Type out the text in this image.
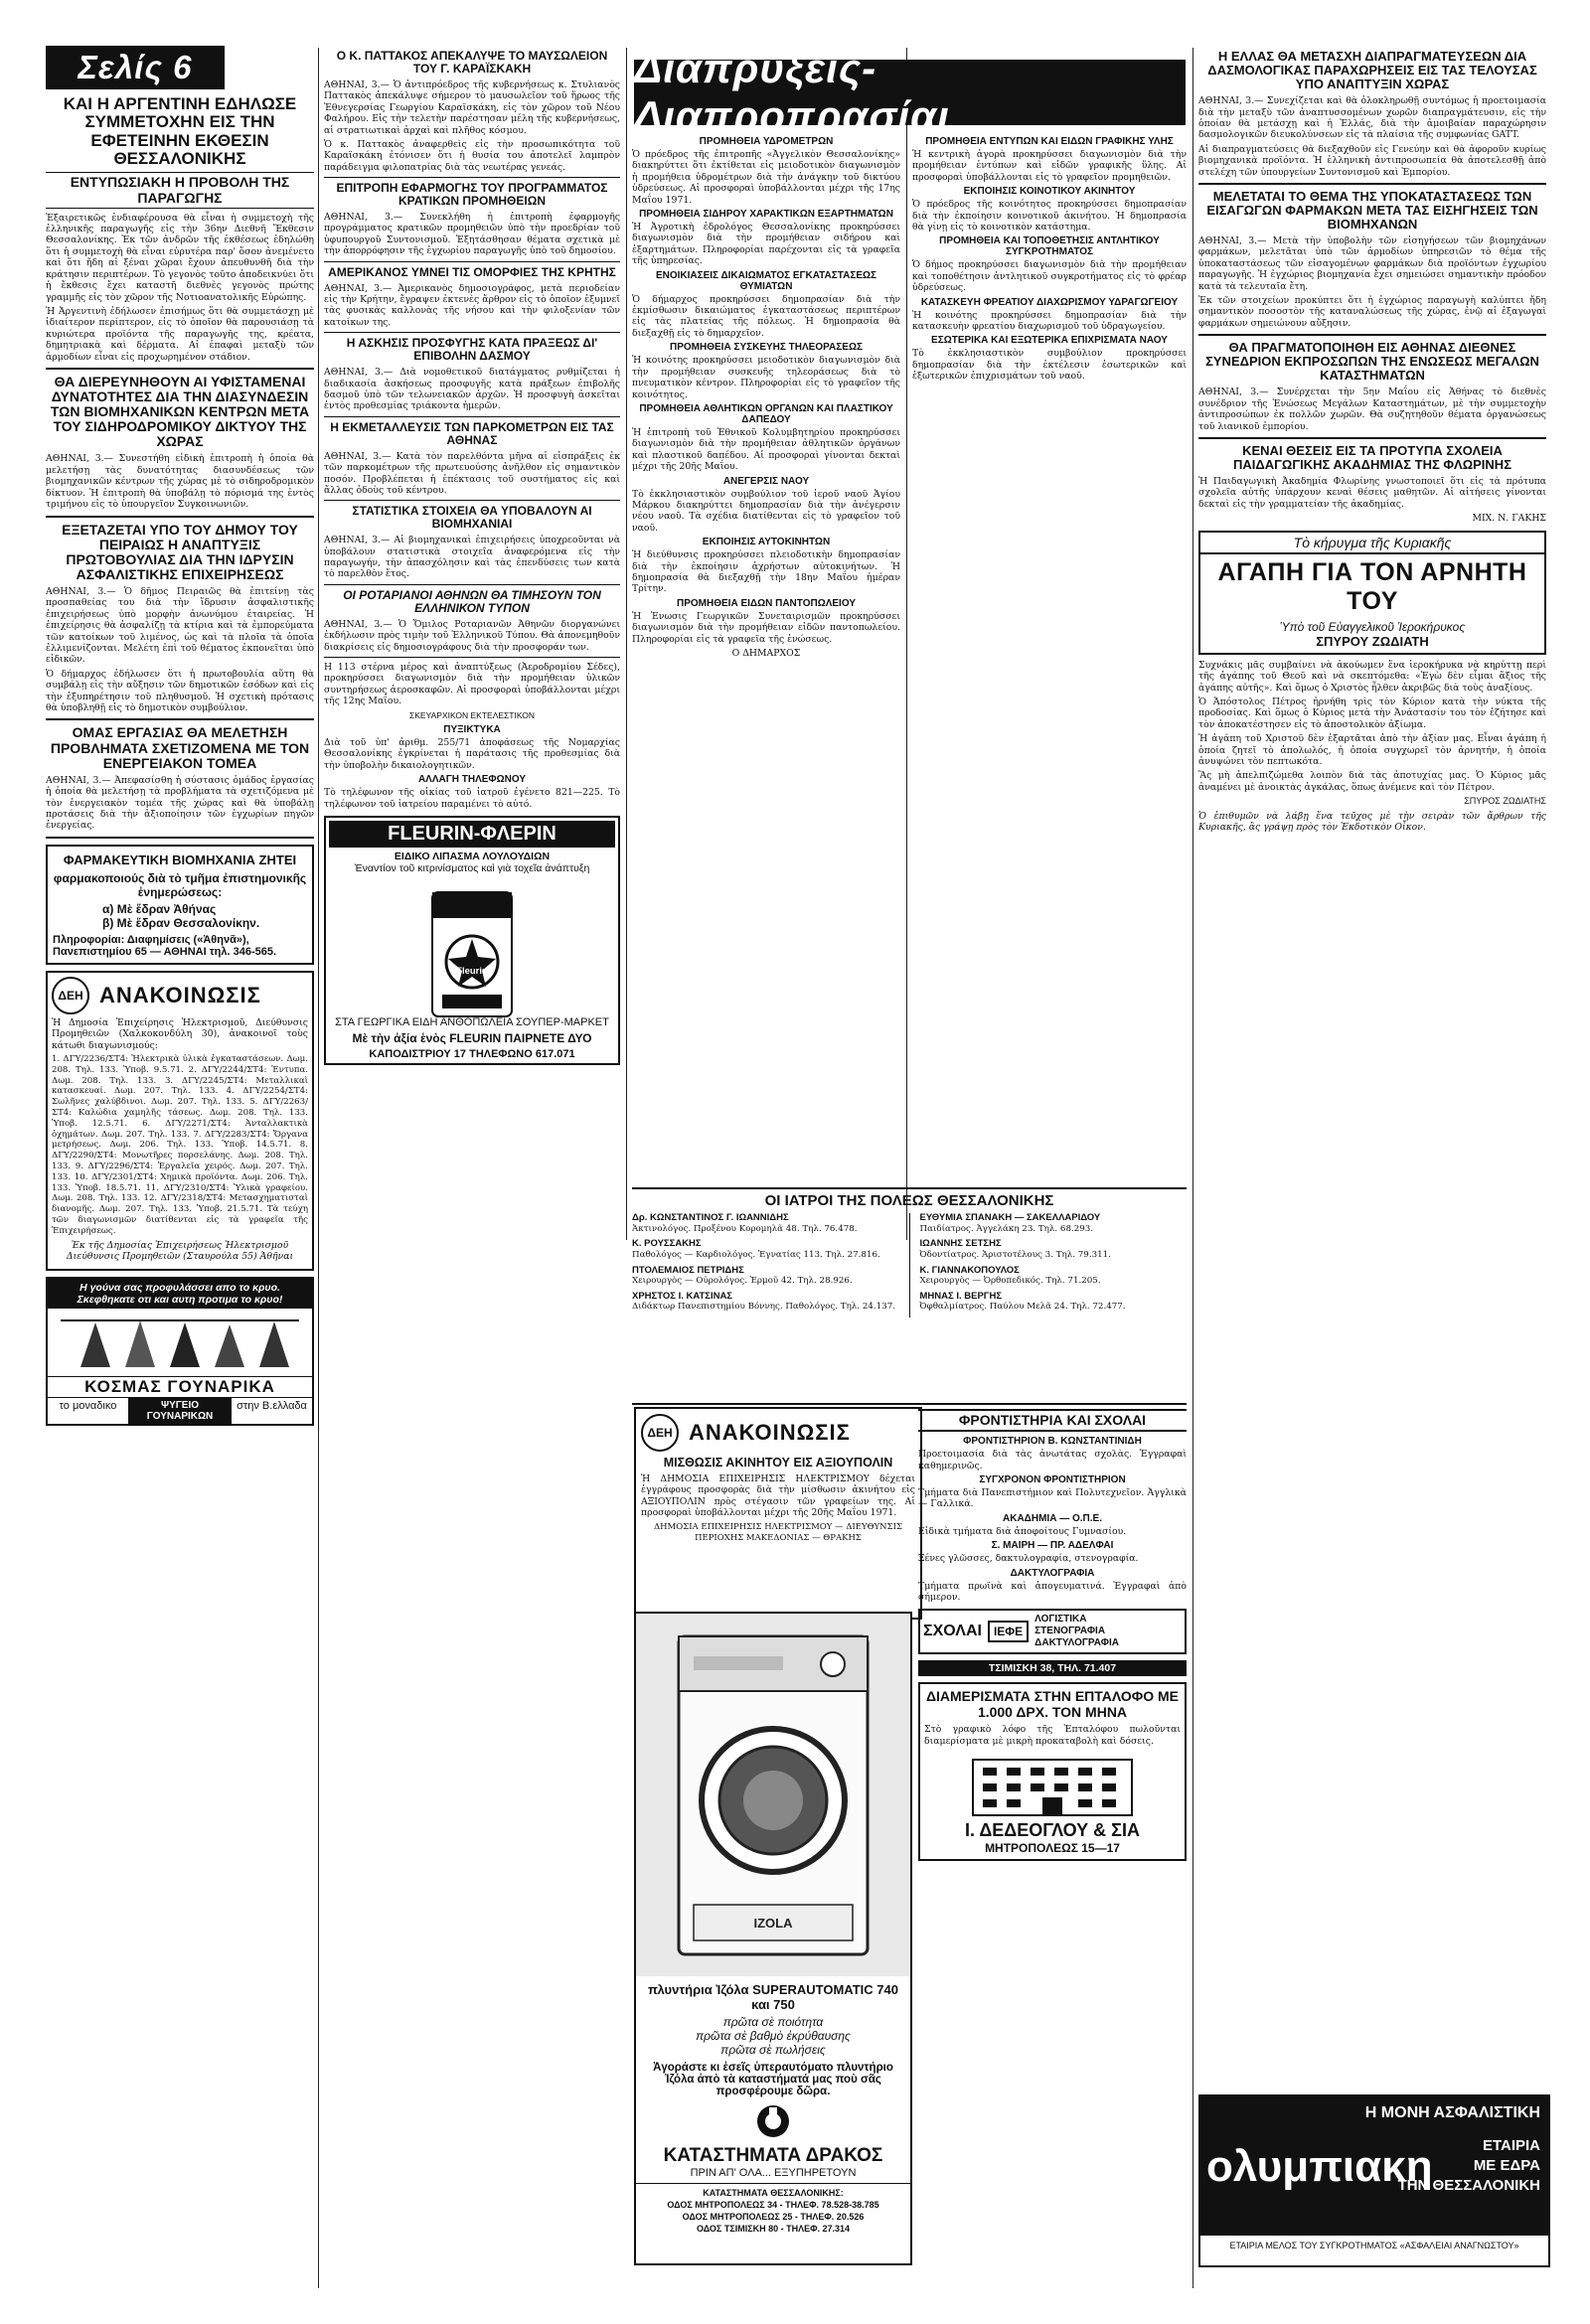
Σελίς 6
ΚΑΙ Η ΑΡΓΕΝΤΙΝΗ ΕΔΗΛΩΣΕ ΣΥΜΜΕΤΟΧΗΝ ΕΙΣ ΤΗΝ ΕΦΕΤΕΙΝΗΝ ΕΚΘΕΣΙΝ ΘΕΣΣΑΛΟΝΙΚΗΣ
ΕΝΤΥΠΩΣΙΑΚΗ Η ΠΡΟΒΟΛΗ ΤΗΣ ΠΑΡΑΓΩΓΗΣ

Ἐξαιρετικῶς ἐνδιαφέρουσα θὰ εἶναι ἡ συμμετοχὴ τῆς ἐλληνικῆς παραγωγῆς εἰς τὴν 36ην Διεθνῆ Ἔκθεσιν Θεσσαλονίκης. Ἐκ τῶν ἀνδρῶν τῆς ἐκθέσεως ἐδηλώθη ὅτι ἡ συμμετοχὴ θὰ εἶναι εὐρυτέρα παρ' ὅσον ἀνεμένετο καὶ ὅτι ἤδη αἱ ξέναι χῶραι ἔχουν ἀπευθυνθῆ διὰ τὴν κράτησιν περιπτέρων. Τὸ γεγονὸς τοῦτο ἀποδεικνύει ὅτι ἡ ἔκθεσις ἔχει καταστῆ διεθνὲς γεγονὸς πρώτης γραμμῆς εἰς τὸν χῶρον τῆς Νοτιοανατολικῆς Εὐρώπης.

Ἡ Ἀργεντινὴ ἐδήλωσεν ἐπισήμως ὅτι θὰ συμμετάσχῃ μὲ ἰδιαίτερον περίπτερον, εἰς τὸ ὁποῖον θὰ παρουσιάσῃ τὰ κυριώτερα προϊόντα τῆς παραγωγῆς της, κρέατα, δημητριακὰ καὶ δέρματα. Αἱ ἐπαφαὶ μεταξὺ τῶν ἁρμοδίων εἶναι εἰς προχωρημένον στάδιον.

ΘΑ ΔΙΕΡΕΥΝΗΘΟΥΝ ΑΙ ΥΦΙΣΤΑΜΕΝΑΙ ΔΥΝΑΤΟΤΗΤΕΣ ΔΙΑ ΤΗΝ ΔΙΑΣΥΝΔΕΣΙΝ ΤΩΝ ΒΙΟΜΗΧΑΝΙΚΩΝ ΚΕΝΤΡΩΝ ΜΕΤΑ ΤΟΥ ΣΙΔΗΡΟΔΡΟΜΙΚΟΥ ΔΙΚΤΥΟΥ ΤΗΣ ΧΩΡΑΣ

ΑΘΗΝΑΙ, 3.— Συνεστήθη εἰδικὴ ἐπιτροπὴ ἡ ὁποία θὰ μελετήσῃ τὰς δυνατότητας διασυνδέσεως τῶν βιομηχανικῶν κέντρων τῆς χώρας μὲ τὸ σιδηροδρομικὸν δίκτυον. Ἡ ἐπιτροπὴ θὰ ὑποβάλῃ τὸ πόρισμά της ἐντὸς τριμήνου εἰς τὸ ὑπουργεῖον Συγκοινωνιῶν.

ΕΞΕΤΑΖΕΤΑΙ ΥΠΟ ΤΟΥ ΔΗΜΟΥ ΤΟΥ ΠΕΙΡΑΙΩΣ Η ΑΝΑΠΤΥΞΙΣ ΠΡΩΤΟΒΟΥΛΙΑΣ ΔΙΑ ΤΗΝ ΙΔΡΥΣΙΝ ΑΣΦΑΛΙΣΤΙΚΗΣ ΕΠΙΧΕΙΡΗΣΕΩΣ

ΑΘΗΝΑΙ, 3.— Ὁ δῆμος Πειραιῶς θὰ ἐπιτείνῃ τὰς προσπαθείας του διὰ τὴν ἵδρυσιν ἀσφαλιστικῆς ἐπιχειρήσεως ὑπὸ μορφὴν ἀνωνύμου ἑταιρείας. Ἡ ἐπιχείρησις θὰ ἀσφαλίζῃ τὰ κτίρια καὶ τὰ ἐμπορεύματα τῶν κατοίκων τοῦ λιμένος, ὡς καὶ τὰ πλοῖα τὰ ὁποῖα ἐλλιμενίζονται. Μελέτη ἐπὶ τοῦ θέματος ἐκπονεῖται ὑπὸ εἰδικῶν.

Ὁ δήμαρχος ἐδήλωσεν ὅτι ἡ πρωτοβουλία αὕτη θὰ συμβάλῃ εἰς τὴν αὔξησιν τῶν δημοτικῶν ἐσόδων καὶ εἰς τὴν ἐξυπηρέτησιν τοῦ πληθυσμοῦ. Ἡ σχετικὴ πρότασις θὰ ὑποβληθῇ εἰς τὸ δημοτικὸν συμβούλιον.

ΟΜΑΣ ΕΡΓΑΣΙΑΣ ΘΑ ΜΕΛΕΤΗΣΗ ΠΡΟΒΛΗΜΑΤΑ ΣΧΕΤΙΖΟΜΕΝΑ ΜΕ ΤΟΝ ΕΝΕΡΓΕΙΑΚΟΝ ΤΟΜΕΑ

ΑΘΗΝΑΙ, 3.— Ἀπεφασίσθη ἡ σύστασις ὁμάδος ἐργασίας ἡ ὁποία θὰ μελετήσῃ τὰ προβλήματα τὰ σχετιζόμενα μὲ τὸν ἐνεργειακὸν τομέα τῆς χώρας καὶ θὰ ὑποβάλῃ προτάσεις διὰ τὴν ἀξιοποίησιν τῶν ἐγχωρίων πηγῶν ἐνεργείας.

ΦΑΡΜΑΚΕΥΤΙΚΗ ΒΙΟΜΗΧΑΝΙΑ ΖΗΤΕΙ
φαρμακοποιούς διὰ τὸ τμῆμα ἐπιστημονικῆς ἐνημερώσεως:
α) Μὲ ἕδραν Ἀθήνας
β) Μὲ ἕδραν Θεσσαλονίκην.
Πληροφορίαι: Διαφημίσεις («Ἀθηνᾶ»), Πανεπιστημίου 65 — ΑΘΗΝΑΙ τηλ. 346-565.
ΔΕΗ ΑΝΑΚΟΙΝΩΣΙΣ

Ἡ Δημοσία Ἐπιχείρησις Ἠλεκτρισμοῦ, Διεύθυνσις Προμηθειῶν (Χαλκοκονδύλη 30), ἀνακοινοῖ τοὺς κάτωθι διαγωνισμούς:

1. ΔΓΥ/2236/ΣΤ4: Ἠλεκτρικὰ ὑλικὰ ἐγκαταστάσεων. Δωμ. 208. Τηλ. 133. Ὑποβ. 9.5.71. 2. ΔΓΥ/2244/ΣΤ4: Ἐντυπα. Δωμ. 208. Τηλ. 133. 3. ΔΓΥ/2245/ΣΤ4: Μεταλλικαὶ κατασκευαί. Δωμ. 207. Τηλ. 133. 4. ΔΓΥ/2254/ΣΤ4: Σωλῆνες χαλύβδινοι. Δωμ. 207. Τηλ. 133. 5. ΔΓΥ/2263/ΣΤ4: Καλώδια χαμηλῆς τάσεως. Δωμ. 208. Τηλ. 133. Ὑποβ. 12.5.71. 6. ΔΓΥ/2271/ΣΤ4: Ἀνταλλακτικὰ ὀχημάτων. Δωμ. 207. Τηλ. 133. 7. ΔΓΥ/2283/ΣΤ4: Ὄργανα μετρήσεως. Δωμ. 206. Τηλ. 133. Ὑποβ. 14.5.71. 8. ΔΓΥ/2290/ΣΤ4: Μονωτῆρες πορσελάνης. Δωμ. 208. Τηλ. 133. 9. ΔΓΥ/2296/ΣΤ4: Ἐργαλεῖα χειρός. Δωμ. 207. Τηλ. 133. 10. ΔΓΥ/2301/ΣΤ4: Χημικὰ προϊόντα. Δωμ. 206. Τηλ. 133. Ὑποβ. 18.5.71. 11. ΔΓΥ/2310/ΣΤ4: Ὑλικὰ γραφείου. Δωμ. 208. Τηλ. 133. 12. ΔΓΥ/2318/ΣΤ4: Μετασχηματισταὶ διανομῆς. Δωμ. 207. Τηλ. 133. Ὑποβ. 21.5.71. Τὰ τεύχη τῶν διαγωνισμῶν διατίθενται εἰς τὰ γραφεῖα τῆς Ἐπιχειρήσεως.

Ἐκ τῆς Δημοσίας Ἐπιχειρήσεως Ἠλεκτρισμοῦ Διεύθυνσις Προμηθειῶν (Σταυρούλα 55) Ἀθῆναι

Η γούνα σας προφυλάσσει απο το κρυο. Σκεφθηκατε οτι και αυτη προτιμα το κρυο!
ΚΟΣΜΑΣ ΓΟΥΝΑΡΙΚΑ
το μοναδικο	ΨΥΓΕΙΟ ΓΟΥΝΑΡΙΚΩΝ
στην Β.ελλαδα
Ο Κ. ΠΑΤΤΑΚΟΣ ΑΠΕΚΑΛΥΨΕ ΤΟ ΜΑΥΣΩΛΕΙΟΝ ΤΟΥ Γ. ΚΑΡΑΪΣΚΑΚΗ

ΑΘΗΝΑΙ, 3.— Ὁ ἀντιπρόεδρος τῆς κυβερνήσεως κ. Στυλιανὸς Παττακὸς ἀπεκάλυψε σήμερον τὸ μαυσωλεῖον τοῦ ἥρωος τῆς Ἐθνεγερσίας Γεωργίου Καραϊσκάκη, εἰς τὸν χῶρον τοῦ Νέου Φαλήρου. Εἰς τὴν τελετὴν παρέστησαν μέλη τῆς κυβερνήσεως, αἱ στρατιωτικαὶ ἀρχαὶ καὶ πλῆθος κόσμου.

Ὁ κ. Παττακὸς ἀναφερθεὶς εἰς τὴν προσωπικότητα τοῦ Καραϊσκάκη ἐτόνισεν ὅτι ἡ θυσία του ἀποτελεῖ λαμπρὸν παράδειγμα φιλοπατρίας διὰ τὰς νεωτέρας γενεάς.

ΕΠΙΤΡΟΠΗ ΕΦΑΡΜΟΓΗΣ ΤΟΥ ΠΡΟΓΡΑΜΜΑΤΟΣ ΚΡΑΤΙΚΩΝ ΠΡΟΜΗΘΕΙΩΝ

ΑΘΗΝΑΙ, 3.— Συνεκλήθη ἡ ἐπιτροπὴ ἐφαρμογῆς προγράμματος κρατικῶν προμηθειῶν ὑπὸ τὴν προεδρίαν τοῦ ὑφυπουργοῦ Συντονισμοῦ. Ἐξητάσθησαν θέματα σχετικὰ μὲ τὴν ἀπορρόφησιν τῆς ἐγχωρίου παραγωγῆς ὑπὸ τοῦ δημοσίου.

ΑΜΕΡΙΚΑΝΟΣ ΥΜΝΕΙ ΤΙΣ ΟΜΟΡΦΙΕΣ ΤΗΣ ΚΡΗΤΗΣ

ΑΘΗΝΑΙ, 3.— Ἀμερικανὸς δημοσιογράφος, μετὰ περιοδείαν εἰς τὴν Κρήτην, ἔγραψεν ἐκτενὲς ἄρθρον εἰς τὸ ὁποῖον ἐξυμνεῖ τὰς φυσικὰς καλλονὰς τῆς νήσου καὶ τὴν φιλοξενίαν τῶν κατοίκων της.

Η ΑΣΚΗΣΙΣ ΠΡΟΣΦΥΓΗΣ ΚΑΤΑ ΠΡΑΞΕΩΣ ΔΙ' ΕΠΙΒΟΛΗΝ ΔΑΣΜΟΥ

ΑΘΗΝΑΙ, 3.— Διὰ νομοθετικοῦ διατάγματος ρυθμίζεται ἡ διαδικασία ἀσκήσεως προσφυγῆς κατὰ πράξεων ἐπιβολῆς δασμοῦ ὑπὸ τῶν τελωνειακῶν ἀρχῶν. Ἡ προσφυγὴ ἀσκεῖται ἐντὸς προθεσμίας τριάκοντα ἡμερῶν.

Η ΕΚΜΕΤΑΛΛΕΥΣΙΣ ΤΩΝ ΠΑΡΚΟΜΕΤΡΩΝ ΕΙΣ ΤΑΣ ΑΘΗΝΑΣ

ΑΘΗΝΑΙ, 3.— Κατὰ τὸν παρελθόντα μῆνα αἱ εἰσπράξεις ἐκ τῶν παρκομέτρων τῆς πρωτευούσης ἀνῆλθον εἰς σημαντικὸν ποσόν. Προβλέπεται ἡ ἐπέκτασις τοῦ συστήματος εἰς καὶ ἄλλας ὁδοὺς τοῦ κέντρου.

ΣΤΑΤΙΣΤΙΚΑ ΣΤΟΙΧΕΙΑ ΘΑ ΥΠΟΒΑΛΟΥΝ ΑΙ ΒΙΟΜΗΧΑΝΙΑΙ

ΑΘΗΝΑΙ, 3.— Αἱ βιομηχανικαὶ ἐπιχειρήσεις ὑποχρεοῦνται νὰ ὑποβάλουν στατιστικὰ στοιχεῖα ἀναφερόμενα εἰς τὴν παραγωγήν, τὴν ἀπασχόλησιν καὶ τὰς ἐπενδύσεις των κατὰ τὸ παρελθὸν ἔτος.

ΟΙ ΡΟΤΑΡΙΑΝΟΙ ΑΘΗΝΩΝ ΘΑ ΤΙΜΗΣΟΥΝ ΤΟΝ ΕΛΛΗΝΙΚΟΝ ΤΥΠΟΝ

ΑΘΗΝΑΙ, 3.— Ὁ Ὅμιλος Ροταριανῶν Ἀθηνῶν διοργανώνει ἐκδήλωσιν πρὸς τιμὴν τοῦ Ἑλληνικοῦ Τύπου. Θὰ ἀπονεμηθοῦν διακρίσεις εἰς δημοσιογράφους διὰ τὴν προσφοράν των.

Η 113 στέρνα μέρος καὶ ἀναπτύξεως (Ἀεροδρομίου Σέδες), προκηρύσσει διαγωνισμὸν διὰ τὴν προμήθειαν ὑλικῶν συντηρήσεως ἀεροσκαφῶν. Αἱ προσφοραὶ ὑποβάλλονται μέχρι τῆς 12ης Μαΐου.

ΣΚΕΥΑΡΧΙΚΟΝ ΕΚΤΕΛΕΣΤΙΚΟΝ

ΠΥΞΙΚΤΥΚΑ

Διὰ τοῦ ὑπ' ἀριθμ. 255/71 ἀποφάσεως τῆς Νομαρχίας Θεσσαλονίκης ἐγκρίνεται ἡ παράτασις τῆς προθεσμίας διὰ τὴν ὑποβολὴν δικαιολογητικῶν.

ΑΛΛΑΓΗ ΤΗΛΕΦΩΝΟΥ

Τὸ τηλέφωνον τῆς οἰκίας τοῦ ἰατροῦ ἐγένετο 821—225. Τὸ τηλέφωνον τοῦ ἰατρείου παραμένει τὸ αὐτό.

FLEURIN-ΦΛΕΡΙΝ
ΕΙΔΙΚΟ ΛΙΠΑΣΜΑ ΛΟΥΛΟΥΔΙΩΝ
Ἐναντίον τοῦ κιτρινίσματος καὶ γιὰ τοχεῖα ἀνάπτυξη
Fleurin
ΣΤΑ ΓΕΩΡΓΙΚΑ ΕΙΔΗ ΑΝΘΟΠΩΛΕΙΑ ΣΟΥΠΕΡ-ΜΑΡΚΕΤ
Μὲ τὴν ἀξία ἑνὸς FLEURIN ΠΑΙΡΝΕΤΕ ΔΥΟ
ΚΑΠΟΔΙΣΤΡΙΟΥ 17 ΤΗΛΕΦΩΝΟ 617.071
Διαπρύξεις-Διαπροπρασίαι
ΠΡΟΜΗΘΕΙΑ ΥΔΡΟΜΕΤΡΩΝ

Ὁ πρόεδρος τῆς ἐπιτροπῆς «Ἀγγελικὸν Θεσσαλονίκης» διακηρύττει ὅτι ἐκτίθεται εἰς μειοδοτικὸν διαγωνισμὸν ἡ προμήθεια ὑδρομέτρων διὰ τὴν ἀνάγκην τοῦ δικτύου ὑδρεύσεως. Αἱ προσφοραὶ ὑποβάλλονται μέχρι τῆς 17ης Μαΐου 1971.

ΠΡΟΜΗΘΕΙΑ ΣΙΔΗΡΟΥ ΧΑΡΑΚΤΙΚΩΝ ΕΞΑΡΤΗΜΑΤΩΝ

Ἡ Ἀγροτικὴ ἐδρολόγος Θεσσαλονίκης προκηρύσσει διαγωνισμὸν διὰ τὴν προμήθειαν σιδήρου καὶ ἐξαρτημάτων. Πληροφορίαι παρέχονται εἰς τὰ γραφεῖα τῆς ὑπηρεσίας.

ΕΝΟΙΚΙΑΣΕΙΣ ΔΙΚΑΙΩΜΑΤΟΣ ΕΓΚΑΤΑΣΤΑΣΕΩΣ ΘΥΜΙΑΤΩΝ

Ὁ δήμαρχος προκηρύσσει δημοπρασίαν διὰ τὴν ἐκμίσθωσιν δικαιώματος ἐγκαταστάσεως περιπτέρων εἰς τὰς πλατείας τῆς πόλεως. Ἡ δημοπρασία θὰ διεξαχθῇ εἰς τὸ δημαρχεῖον.

ΠΡΟΜΗΘΕΙΑ ΣΥΣΚΕΥΗΣ ΤΗΛΕΟΡΑΣΕΩΣ

Ἡ κοινότης προκηρύσσει μειοδοτικὸν διαγωνισμὸν διὰ τὴν προμήθειαν συσκευῆς τηλεοράσεως διὰ τὸ πνευματικὸν κέντρον. Πληροφορίαι εἰς τὸ γραφεῖον τῆς κοινότητος.

ΠΡΟΜΗΘΕΙΑ ΑΘΛΗΤΙΚΩΝ ΟΡΓΑΝΩΝ ΚΑΙ ΠΛΑΣΤΙΚΟΥ ΔΑΠΕΔΟΥ

Ἡ ἐπιτροπὴ τοῦ Ἐθνικοῦ Κολυμβητηρίου προκηρύσσει διαγωνισμὸν διὰ τὴν προμήθειαν ἀθλητικῶν ὀργάνων καὶ πλαστικοῦ δαπέδου. Αἱ προσφοραὶ γίνονται δεκταὶ μέχρι τῆς 20ῆς Μαΐου.

ΑΝΕΓΕΡΣΙΣ ΝΑΟΥ

Τὸ ἐκκλησιαστικὸν συμβούλιον τοῦ ἱεροῦ ναοῦ Ἁγίου Μάρκου διακηρύττει δημοπρασίαν διὰ τὴν ἀνέγερσιν νέου ναοῦ. Τὰ σχέδια διατίθενται εἰς τὸ γραφεῖον τοῦ ναοῦ.

ΕΚΠΟΙΗΣΙΣ ΑΥΤΟΚΙΝΗΤΩΝ

Ἡ διεύθυνσις προκηρύσσει πλειοδοτικὴν δημοπρασίαν διὰ τὴν ἐκποίησιν ἀχρήστων αὐτοκινήτων. Ἡ δημοπρασία θὰ διεξαχθῇ τὴν 18ην Μαΐου ἡμέραν Τρίτην.

ΠΡΟΜΗΘΕΙΑ ΕΙΔΩΝ ΠΑΝΤΟΠΩΛΕΙΟΥ

Ἡ Ἐνωσις Γεωργικῶν Συνεταιρισμῶν προκηρύσσει διαγωνισμὸν διὰ τὴν προμήθειαν εἰδῶν παντοπωλείου. Πληροφορίαι εἰς τὰ γραφεῖα τῆς ἑνώσεως.

Ο ΔΗΜΑΡΧΟΣ

ΠΡΟΜΗΘΕΙΑ ΕΝΤΥΠΩΝ ΚΑΙ ΕΙΔΩΝ ΓΡΑΦΙΚΗΣ ΥΛΗΣ

Ἡ κεντρικὴ ἀγορὰ προκηρύσσει διαγωνισμὸν διὰ τὴν προμήθειαν ἐντύπων καὶ εἰδῶν γραφικῆς ὕλης. Αἱ προσφοραὶ ὑποβάλλονται εἰς τὸ γραφεῖον προμηθειῶν.

ΕΚΠΟΙΗΣΙΣ ΚΟΙΝΟΤΙΚΟΥ ΑΚΙΝΗΤΟΥ

Ὁ πρόεδρος τῆς κοινότητος προκηρύσσει δημοπρασίαν διὰ τὴν ἐκποίησιν κοινοτικοῦ ἀκινήτου. Ἡ δημοπρασία θὰ γίνῃ εἰς τὸ κοινοτικὸν κατάστημα.

ΠΡΟΜΗΘΕΙΑ ΚΑΙ ΤΟΠΟΘΕΤΗΣΙΣ ΑΝΤΛΗΤΙΚΟΥ ΣΥΓΚΡΟΤΗΜΑΤΟΣ

Ὁ δήμος προκηρύσσει διαγωνισμὸν διὰ τὴν προμήθειαν καὶ τοποθέτησιν ἀντλητικοῦ συγκροτήματος εἰς τὸ φρέαρ ὑδρεύσεως.

ΚΑΤΑΣΚΕΥΗ ΦΡΕΑΤΙΟΥ ΔΙΑΧΩΡΙΣΜΟΥ ΥΔΡΑΓΩΓΕΙΟΥ

Ἡ κοινότης προκηρύσσει δημοπρασίαν διὰ τὴν κατασκευὴν φρεατίου διαχωρισμοῦ τοῦ ὑδραγωγείου.

ΕΣΩΤΕΡΙΚΑ ΚΑΙ ΕΞΩΤΕΡΙΚΑ ΕΠΙΧΡΙΣΜΑΤΑ ΝΑΟΥ

Τὸ ἐκκλησιαστικὸν συμβούλιον προκηρύσσει δημοπρασίαν διὰ τὴν ἐκτέλεσιν ἐσωτερικῶν καὶ ἐξωτερικῶν ἐπιχρισμάτων τοῦ ναοῦ.

ΟΙ ΙΑΤΡΟΙ ΤΗΣ ΠΟΛΕΩΣ ΘΕΣΣΑΛΟΝΙΚΗΣ
Δρ. ΚΩΝΣΤΑΝΤΙΝΟΣ Γ. ΙΩΑΝΝΙΔΗΣ
Ἀκτινολόγος. Προξένου Κορομηλᾶ 48. Τηλ. 76.478.
Κ. ΡΟΥΣΣΑΚΗΣ
Παθολόγος — Καρδιολόγος. Ἐγνατίας 113. Τηλ. 27.816.
ΠΤΟΛΕΜΑΙΟΣ ΠΕΤΡΙΔΗΣ
Χειρουργὸς — Οὐρολόγος. Ἑρμοῦ 42. Τηλ. 28.926.
ΧΡΗΣΤΟΣ Ι. ΚΑΤΣΙΝΑΣ
Διδάκτωρ Πανεπιστημίου Βόννης. Παθολόγος. Τηλ. 24.137.
ΕΥΘΥΜΙΑ ΣΠΑΝΑΚΗ — ΣΑΚΕΛΛΑΡΙΔΟΥ
Παιδίατρος. Ἀγγελάκη 23. Τηλ. 68.293.
ΙΩΑΝΝΗΣ ΣΕΤΣΗΣ
Ὀδοντίατρος. Ἀριστοτέλους 3. Τηλ. 79.311.
Κ. ΓΙΑΝΝΑΚΟΠΟΥΛΟΣ
Χειρουργὸς — Ὀρθοπεδικός. Τηλ. 71.205.
ΜΗΝΑΣ Ι. ΒΕΡΓΗΣ
Ὀφθαλμίατρος. Παύλου Μελᾶ 24. Τηλ. 72.477.
ΔΕΗ ΑΝΑΚΟΙΝΩΣΙΣ
ΜΙΣΘΩΣΙΣ ΑΚΙΝΗΤΟΥ ΕΙΣ ΑΞΙΟΥΠΟΛΙΝ

Ἡ ΔΗΜΟΣΙΑ ΕΠΙΧΕΙΡΗΣΙΣ ΗΛΕΚΤΡΙΣΜΟΥ δέχεται ἐγγράφους προσφορὰς διὰ τὴν μίσθωσιν ἀκινήτου εἰς ΑΞΙΟΥΠΟΛΙΝ πρὸς στέγασιν τῶν γραφείων της. Αἱ προσφοραὶ ὑποβάλλονται μέχρι τῆς 20ῆς Μαΐου 1971.

ΔΗΜΟΣΙΑ ΕΠΙΧΕΙΡΗΣΙΣ ΗΛΕΚΤΡΙΣΜΟΥ — ΔΙΕΥΘΥΝΣΙΣ ΠΕΡΙΟΧΗΣ ΜΑΚΕΔΟΝΙΑΣ — ΘΡΑΚΗΣ

IZOLA
πλυντήρια Ἰζόλα SUPERAUTOMATIC 740 και 750
πρῶτα σὲ ποιότητα
πρῶτα σὲ βαθμὸ ἐκρύθαυσης
πρῶτα σὲ πωλήσεις
Ἀγοράστε κι ἐσεῖς ὑπεραυτόματο πλυντήριο Ἰζόλα ἀπὸ τὰ καταστήματά μας ποὺ σᾶς προσφέρουμε δῶρα.
ΚΑΤΑΣΤΗΜΑΤΑ ΔΡΑΚΟΣ
ΠΡΙΝ ΑΠ' ΟΛΑ... ΕΞΥΠΗΡΕΤΟΥΝ
ΚΑΤΑΣΤΗΜΑΤΑ ΘΕΣΣΑΛΟΝΙΚΗΣ:
ΟΔΟΣ ΜΗΤΡΟΠΟΛΕΩΣ 34 - ΤΗΛΕΦ. 78.528-38.785
ΟΔΟΣ ΜΗΤΡΟΠΟΛΕΩΣ 25 - ΤΗΛΕΦ. 20.526
ΟΔΟΣ ΤΣΙΜΙΣΚΗ 80 - ΤΗΛΕΦ. 27.314
ΦΡΟΝΤΙΣΤΗΡΙΑ ΚΑΙ ΣΧΟΛΑΙ
ΦΡΟΝΤΙΣΤΗΡΙΟΝ Β. ΚΩΝΣΤΑΝΤΙΝΙΔΗ

Προετοιμασία διὰ τὰς ἀνωτάτας σχολὰς. Ἐγγραφαὶ καθημερινῶς.

ΣΥΓΧΡΟΝΟΝ ΦΡΟΝΤΙΣΤΗΡΙΟΝ

Τμήματα διὰ Πανεπιστήμιον καὶ Πολυτεχνεῖον. Ἀγγλικὰ — Γαλλικά.

ΑΚΑΔΗΜΙΑ — Ο.Π.Ε.

Εἰδικὰ τμήματα διὰ ἀποφοίτους Γυμνασίου.

Σ. ΜΑΙΡΗ — ΠΡ. ΑΔΕΛΦΑΙ

Ξένες γλῶσσες, δακτυλογραφία, στενογραφία.

ΔΑΚΤΥΛΟΓΡΑΦΙΑ

Τμήματα πρωϊνὰ καὶ ἀπογευματινά. Ἐγγραφαὶ ἀπὸ σήμερον.

ΣΧΟΛΑΙ	ΙΕΦΕ
ΛΟΓΙΣΤΙΚΑ
ΣΤΕΝΟΓΡΑΦΙΑ
ΔΑΚΤΥΛΟΓΡΑΦΙΑ
ΤΣΙΜΙΣΚΗ 38, ΤΗΛ. 71.407
ΔΙΑΜΕΡΙΣΜΑΤΑ ΣΤΗΝ ΕΠΤΑΛΟΦΟ ΜΕ 1.000 ΔΡΧ. ΤΟΝ ΜΗΝΑ

Στὸ γραφικὸ λόφο τῆς Ἐπταλόφου πωλοῦνται διαμερίσματα μὲ μικρὴ προκαταβολὴ καὶ δόσεις.

Ι. ΔΕΔΕΟΓΛΟΥ & ΣΙΑ
ΜΗΤΡΟΠΟΛΕΩΣ 15—17
Η ΕΛΛΑΣ ΘΑ ΜΕΤΑΣΧΗ ΔΙΑΠΡΑΓΜΑΤΕΥΣΕΩΝ ΔΙΑ ΔΑΣΜΟΛΟΓΙΚΑΣ ΠΑΡΑΧΩΡΗΣΕΙΣ ΕΙΣ ΤΑΣ ΤΕΛΟΥΣΑΣ ΥΠΟ ΑΝΑΠΤΥΞΙΝ ΧΩΡΑΣ

ΑΘΗΝΑΙ, 3.— Συνεχίζεται καὶ θὰ ὁλοκληρωθῇ συντόμως ἡ προετοιμασία διὰ τὴν μεταξὺ τῶν ἀναπτυσσομένων χωρῶν διαπραγμάτευσιν, εἰς τὴν ὁποίαν θὰ μετάσχῃ καὶ ἡ Ἑλλάς, διὰ τὴν ἀμοιβαίαν παραχώρησιν δασμολογικῶν διευκολύνσεων εἰς τὰ πλαίσια τῆς συμφωνίας GATT.

Αἱ διαπραγματεύσεις θὰ διεξαχθοῦν εἰς Γενεύην καὶ θὰ ἀφοροῦν κυρίως βιομηχανικὰ προϊόντα. Ἡ ἑλληνικὴ ἀντιπροσωπεία θὰ ἀποτελεσθῇ ἀπὸ στελέχη τῶν ὑπουργείων Συντονισμοῦ καὶ Ἐμπορίου.

ΜΕΛΕΤΑΤΑΙ ΤΟ ΘΕΜΑ ΤΗΣ ΥΠΟΚΑΤΑΣΤΑΣΕΩΣ ΤΩΝ ΕΙΣΑΓΩΓΩΝ ΦΑΡΜΑΚΩΝ ΜΕΤΑ ΤΑΣ ΕΙΣΗΓΗΣΕΙΣ ΤΩΝ ΒΙΟΜΗΧΑΝΩΝ

ΑΘΗΝΑΙ, 3.— Μετὰ τὴν ὑποβολὴν τῶν εἰσηγήσεων τῶν βιομηχάνων φαρμάκων, μελετᾶται ὑπὸ τῶν ἁρμοδίων ὑπηρεσιῶν τὸ θέμα τῆς ὑποκαταστάσεως τῶν εἰσαγομένων φαρμάκων διὰ προϊόντων ἐγχωρίου παραγωγῆς. Ἡ ἐγχώριος βιομηχανία ἔχει σημειώσει σημαντικὴν πρόοδον κατὰ τὰ τελευταῖα ἔτη.

Ἐκ τῶν στοιχείων προκύπτει ὅτι ἡ ἐγχώριος παραγωγὴ καλύπτει ἤδη σημαντικὸν ποσοστὸν τῆς καταναλώσεως τῆς χώρας, ἐνῷ αἱ ἐξαγωγαὶ φαρμάκων σημειώνουν αὔξησιν.

ΘΑ ΠΡΑΓΜΑΤΟΠΟΙΗΘΗ ΕΙΣ ΑΘΗΝΑΣ ΔΙΕΘΝΕΣ ΣΥΝΕΔΡΙΟΝ ΕΚΠΡΟΣΩΠΩΝ ΤΗΣ ΕΝΩΣΕΩΣ ΜΕΓΑΛΩΝ ΚΑΤΑΣΤΗΜΑΤΩΝ

ΑΘΗΝΑΙ, 3.— Συνέρχεται τὴν 5ην Μαΐου εἰς Ἀθήνας τὸ διεθνὲς συνέδριον τῆς Ἑνώσεως Μεγάλων Καταστημάτων, μὲ τὴν συμμετοχὴν ἀντιπροσώπων ἐκ πολλῶν χωρῶν. Θὰ συζητηθοῦν θέματα ὀργανώσεως τοῦ λιανικοῦ ἐμπορίου.

ΚΕΝΑΙ ΘΕΣΕΙΣ ΕΙΣ ΤΑ ΠΡΟΤΥΠΑ ΣΧΟΛΕΙΑ ΠΑΙΔΑΓΩΓΙΚΗΣ ΑΚΑΔΗΜΙΑΣ ΤΗΣ ΦΛΩΡΙΝΗΣ

Ἡ Παιδαγωγικὴ Ἀκαδημία Φλωρίνης γνωστοποιεῖ ὅτι εἰς τὰ πρότυπα σχολεῖα αὐτῆς ὑπάρχουν κεναὶ θέσεις μαθητῶν. Αἱ αἰτήσεις γίνονται δεκταὶ εἰς τὴν γραμματείαν τῆς ἀκαδημίας.

ΜΙΧ. Ν. ΓΑΚΗΣ

Τὸ κήρυγμα τῆς Κυριακῆς
ΑΓΑΠΗ ΓΙΑ ΤΟΝ ΑΡΝΗΤΗ ΤΟΥ
Ὑπὸ τοῦ Εὐαγγελικοῦ Ἱεροκήρυκος
ΣΠΥΡΟΥ ΖΩΔΙΑΤΗ

Συχνάκις μᾶς συμβαίνει νὰ ἀκούωμεν ἕνα ἱεροκήρυκα νὰ κηρύττῃ περὶ τῆς ἀγάπης τοῦ Θεοῦ καὶ νὰ σκεπτόμεθα: «Ἐγὼ δὲν εἶμαι ἄξιος τῆς ἀγάπης αὐτῆς». Καὶ ὅμως ὁ Χριστὸς ἦλθεν ἀκριβῶς διὰ τοὺς ἀναξίους.

Ὁ Ἀπόστολος Πέτρος ἠρνήθη τρὶς τὸν Κύριον κατὰ τὴν νύκτα τῆς προδοσίας. Καὶ ὅμως ὁ Κύριος μετὰ τὴν Ἀνάστασίν του τὸν ἐζήτησε καὶ τὸν ἀποκατέστησεν εἰς τὸ ἀποστολικὸν ἀξίωμα.

Ἡ ἀγάπη τοῦ Χριστοῦ δὲν ἐξαρτᾶται ἀπὸ τὴν ἀξίαν μας. Εἶναι ἀγάπη ἡ ὁποία ζητεῖ τὸ ἀπολωλός, ἡ ὁποία συγχωρεῖ τὸν ἀρνητήν, ἡ ὁποία ἀνυψώνει τὸν πεπτωκότα.

Ἂς μὴ ἀπελπιζώμεθα λοιπὸν διὰ τὰς ἀποτυχίας μας. Ὁ Κύριος μᾶς ἀναμένει μὲ ἀνοικτὰς ἀγκάλας, ὅπως ἀνέμενε καὶ τὸν Πέτρον.

ΣΠΥΡΟΣ ΖΩΔΙΑΤΗΣ

Ὁ ἐπιθυμῶν νὰ λάβῃ ἕνα τεῦχος μὲ τὴν σειρὰν τῶν ἄρθρων τῆς Κυριακῆς, ἂς γράψῃ πρὸς τὸν Ἐκδοτικὸν Οἶκον.

Η ΜΟΝΗ ΑΣΦΑΛΙΣΤΙΚΗ
ολυμπιακη	ΕΤΑΙΡΙΑ
ΜΕ ΕΔΡΑ
ΤΗΝ ΘΕΣΣΑΛΟΝΙΚΗ
ΕΤΑΙΡΙΑ ΜΕΛΟΣ ΤΟΥ ΣΥΓΚΡΟΤΗΜΑΤΟΣ «ΑΣΦΑΛΕΙΑΙ ΑΝΑΓΝΩΣΤΟΥ»
